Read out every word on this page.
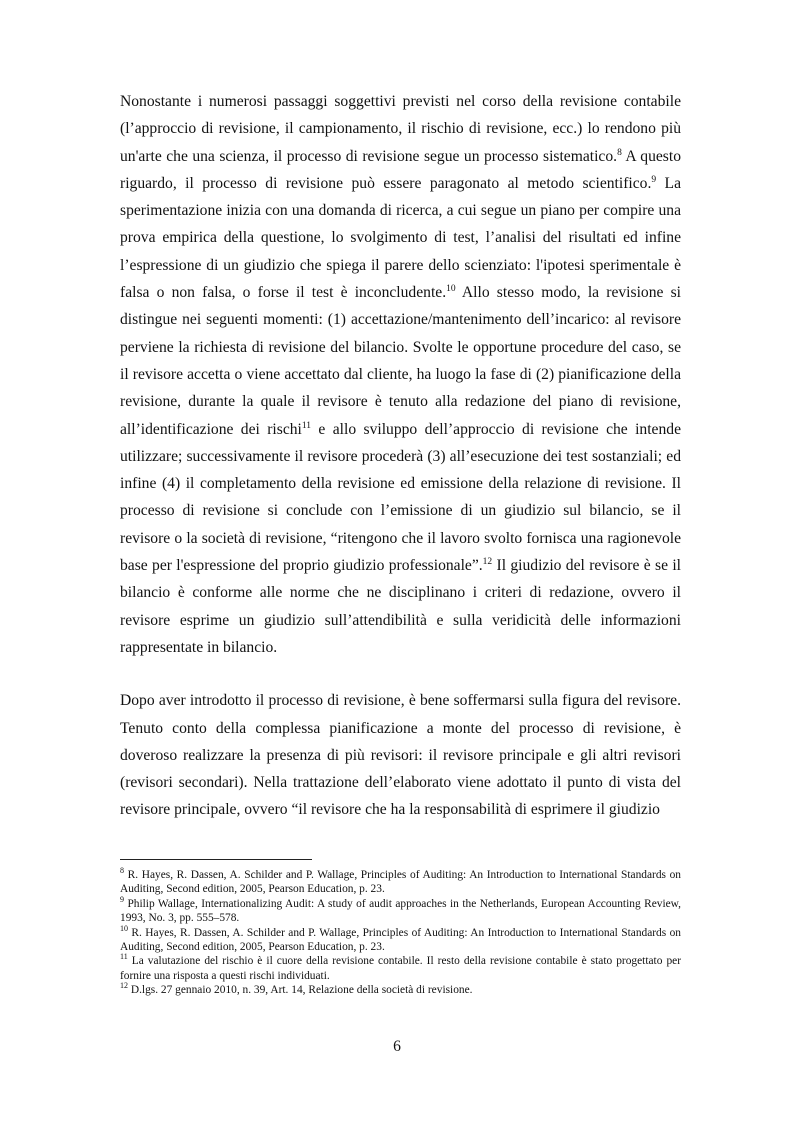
Nonostante i numerosi passaggi soggettivi previsti nel corso della revisione contabile (l’approccio di revisione, il campionamento, il rischio di revisione, ecc.) lo rendono più un'arte che una scienza, il processo di revisione segue un processo sistematico.$^8$ A questo riguardo, il processo di revisione può essere paragonato al metodo scientifico.$^9$ La sperimentazione inizia con una domanda di ricerca, a cui segue un piano per compire una prova empirica della questione, lo svolgimento di test, l’analisi del risultati ed infine l’espressione di un giudizio che spiega il parere dello scienziato: l'ipotesi sperimentale è falsa o non falsa, o forse il test è inconcludente.$^{10}$ Allo stesso modo, la revisione si distingue nei seguenti momenti: (1) accettazione/mantenimento dell’incarico: al revisore perviene la richiesta di revisione del bilancio. Svolte le opportune procedure del caso, se il revisore accetta o viene accettato dal cliente, ha luogo la fase di (2) pianificazione della revisione, durante la quale il revisore è tenuto alla redazione del piano di revisione, all’identificazione dei rischi$^{11}$ e allo sviluppo dell’approccio di revisione che intende utilizzare; successivamente il revisore procederà (3) all’esecuzione dei test sostanziali; ed infine (4) il completamento della revisione ed emissione della relazione di revisione. Il processo di revisione si conclude con l’emissione di un giudizio sul bilancio, se il revisore o la società di revisione, “ritengono che il lavoro svolto fornisca una ragionevole base per l'espressione del proprio giudizio professionale”.$^{12}$ Il giudizio del revisore è se il bilancio è conforme alle norme che ne disciplinano i criteri di redazione, ovvero il revisore esprime un giudizio sull’attendibilità e sulla veridicità delle informazioni rappresentate in bilancio.

Dopo aver introdotto il processo di revisione, è bene soffermarsi sulla figura del revisore. Tenuto conto della complessa pianificazione a monte del processo di revisione, è doveroso realizzare la presenza di più revisori: il revisore principale e gli altri revisori (revisori secondari). Nella trattazione dell’elaborato viene adottato il punto di vista del revisore principale, ovvero “il revisore che ha la responsabilità di esprimere il giudizio

$^8$ R. Hayes, R. Dassen, A. Schilder and P. Wallage, Principles of Auditing: An Introduction to International Standards on Auditing, Second edition, 2005, Pearson Education, p. 23.

$^9$ Philip Wallage, Internationalizing Audit: A study of audit approaches in the Netherlands, European Accounting Review, 1993, No. 3, pp. 555–578.

$^{10}$ R. Hayes, R. Dassen, A. Schilder and P. Wallage, Principles of Auditing: An Introduction to International Standards on Auditing, Second edition, 2005, Pearson Education, p. 23.

$^{11}$ La valutazione del rischio è il cuore della revisione contabile. Il resto della revisione contabile è stato progettato per fornire una risposta a questi rischi individuati.

$^{12}$ D.lgs. 27 gennaio 2010, n. 39, Art. 14, Relazione della società di revisione.

6
